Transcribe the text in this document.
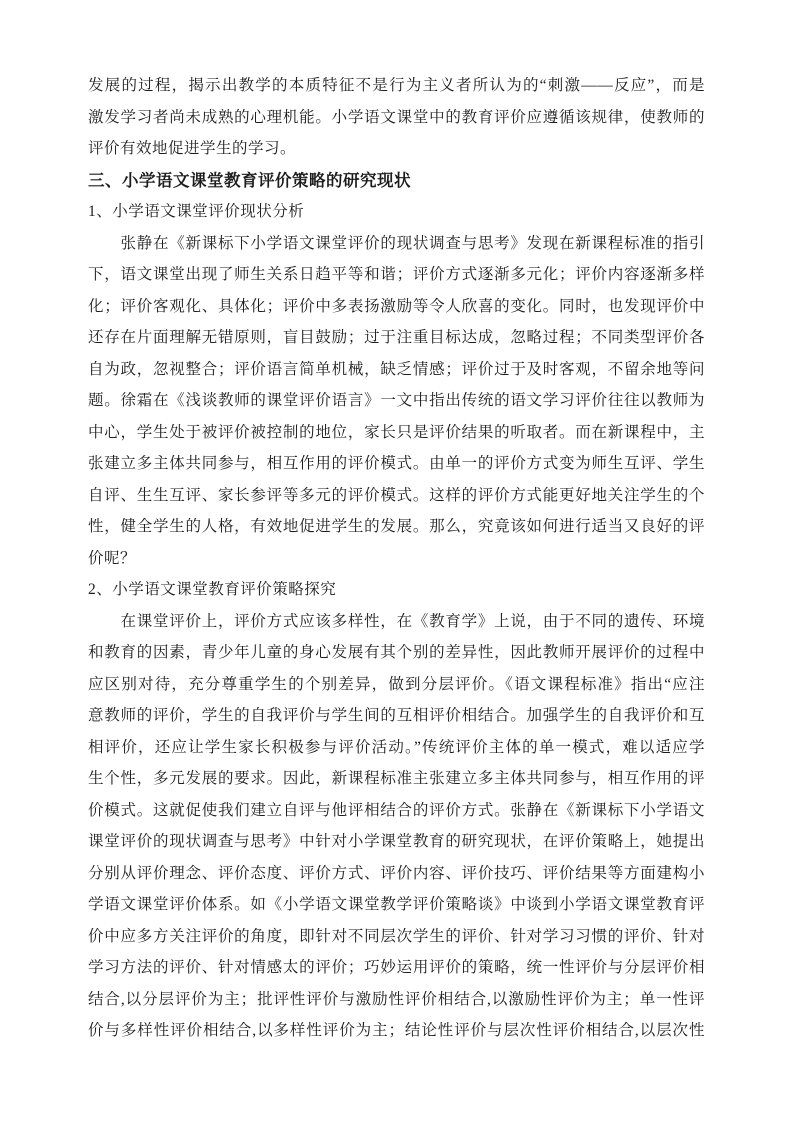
发展的过程，揭示出教学的本质特征不是行为主义者所认为的“刺激——反应”，而是
激发学习者尚未成熟的心理机能。小学语文课堂中的教育评价应遵循该规律，使教师的
评价有效地促进学生的学习。
三、小学语文课堂教育评价策略的研究现状
1、小学语文课堂评价现状分析
　　张静在《新课标下小学语文课堂评价的现状调查与思考》发现在新课程标准的指引
下，语文课堂出现了师生关系日趋平等和谐；评价方式逐渐多元化；评价内容逐渐多样
化；评价客观化、具体化；评价中多表扬激励等令人欣喜的变化。同时，也发现评价中
还存在片面理解无错原则，盲目鼓励；过于注重目标达成，忽略过程；不同类型评价各
自为政，忽视整合；评价语言简单机械，缺乏情感；评价过于及时客观，不留余地等问
题。徐霜在《浅谈教师的课堂评价语言》一文中指出传统的语文学习评价往往以教师为
中心，学生处于被评价被控制的地位，家长只是评价结果的听取者。而在新课程中，主
张建立多主体共同参与，相互作用的评价模式。由单一的评价方式变为师生互评、学生
自评、生生互评、家长参评等多元的评价模式。这样的评价方式能更好地关注学生的个
性，健全学生的人格，有效地促进学生的发展。那么，究竟该如何进行适当又良好的评
价呢？
2、小学语文课堂教育评价策略探究
　　在课堂评价上，评价方式应该多样性，在《教育学》上说，由于不同的遗传、环境
和教育的因素，青少年儿童的身心发展有其个别的差异性，因此教师开展评价的过程中
应区别对待，充分尊重学生的个别差异，做到分层评价。《语文课程标准》指出“应注
意教师的评价，学生的自我评价与学生间的互相评价相结合。加强学生的自我评价和互
相评价，还应让学生家长积极参与评价活动。”传统评价主体的单一模式，难以适应学
生个性，多元发展的要求。因此，新课程标准主张建立多主体共同参与，相互作用的评
价模式。这就促使我们建立自评与他评相结合的评价方式。张静在《新课标下小学语文
课堂评价的现状调查与思考》中针对小学课堂教育的研究现状，在评价策略上，她提出
分别从评价理念、评价态度、评价方式、评价内容、评价技巧、评价结果等方面建构小
学语文课堂评价体系。如《小学语文课堂教学评价策略谈》中谈到小学语文课堂教育评
价中应多方关注评价的角度，即针对不同层次学生的评价、针对学习习惯的评价、针对
学习方法的评价、针对情感太的评价；巧妙运用评价的策略，统一性评价与分层评价相
结合,以分层评价为主；批评性评价与激励性评价相结合,以激励性评价为主；单一性评
价与多样性评价相结合,以多样性评价为主；结论性评价与层次性评价相结合,以层次性
